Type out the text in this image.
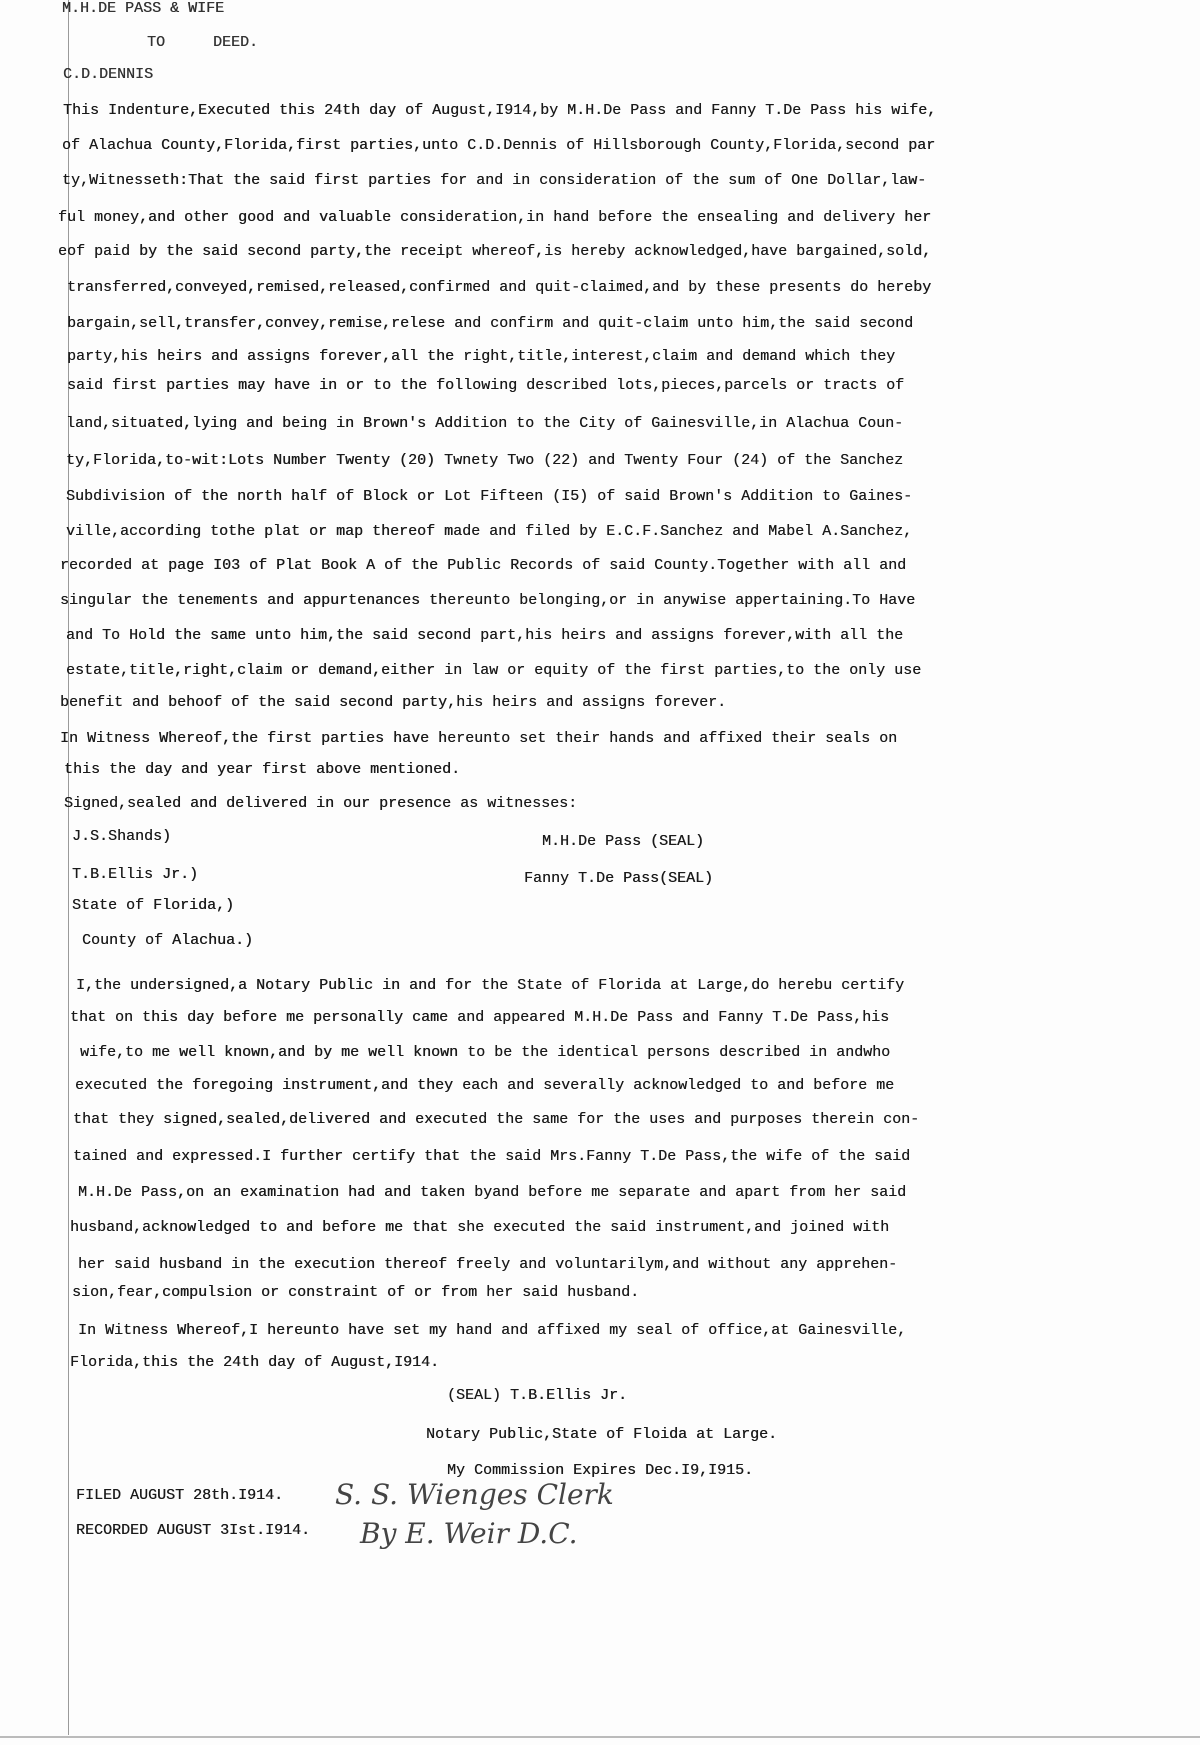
M.H.DE PASS & WIFE
TO	DEED.
C.D.DENNIS
This Indenture,Executed this 24th day of August,I914,by M.H.De Pass and Fanny T.De Pass his wife,
of Alachua County,Florida,first parties,unto C.D.Dennis of Hillsborough County,Florida,second par
ty,Witnesseth:That the said first parties for and in consideration of the sum of One Dollar,law-
ful money,and other good and valuable consideration,in hand before the ensealing and delivery her
eof paid by the said second party,the receipt whereof,is hereby acknowledged,have bargained,sold,
transferred,conveyed,remised,released,confirmed and quit-claimed,and by these presents do hereby
bargain,sell,transfer,convey,remise,relese and confirm and quit-claim unto him,the said second
party,his heirs and assigns forever,all the right,title,interest,claim and demand which they
said first parties may have in or to the following described lots,pieces,parcels or tracts of
land,situated,lying and being in Brown's Addition to the City of Gainesville,in Alachua Coun-
ty,Florida,to-wit:Lots Number Twenty (20) Twnety Two (22) and Twenty Four (24) of the Sanchez
Subdivision of the north half of Block or Lot Fifteen (I5) of said Brown's Addition to Gaines-
ville,according tothe plat or map thereof made and filed by E.C.F.Sanchez and Mabel A.Sanchez,
recorded at page I03 of Plat Book A of the Public Records of said County.Together with all and
singular the tenements and appurtenances thereunto belonging,or in anywise appertaining.To Have
and To Hold the same unto him,the said second part,his heirs and assigns forever,with all the
estate,title,right,claim or demand,either in law or equity of the first parties,to the only use
benefit and behoof of the said second party,his heirs and assigns forever.
In Witness Whereof,the first parties have hereunto set their hands and affixed their seals on
this the day and year first above mentioned.
Signed,sealed and delivered in our presence as witnesses:
J.S.Shands)
T.B.Ellis Jr.)
M.H.De Pass (SEAL)
Fanny T.De Pass(SEAL)
State of Florida,)
County of Alachua.)
I,the undersigned,a Notary Public in and for the State of Florida at Large,do herebu certify
that on this day before me personally came and appeared M.H.De Pass and Fanny T.De Pass,his
wife,to me well known,and by me well known to be the identical persons described in andwho
executed the foregoing instrument,and they each and severally acknowledged to and before me
that they signed,sealed,delivered and executed the same for the uses and purposes therein con-
tained and expressed.I further certify that the said Mrs.Fanny T.De Pass,the wife of the said
M.H.De Pass,on an examination had and taken byand before me separate and apart from her said
husband,acknowledged to and before me that she executed the said instrument,and joined with
her said husband in the execution thereof freely and voluntarilym,and without any apprehen-
sion,fear,compulsion or constraint of or from her said husband.
In Witness Whereof,I hereunto have set my hand and affixed my seal of office,at Gainesville,
Florida,this the 24th day of August,I914.
(SEAL) T.B.Ellis Jr.
Notary Public,State of Floida at Large.
My Commission Expires Dec.I9,I915.
FILED AUGUST 28th.I914.
RECORDED AUGUST 3Ist.I914.
S. S. Wienges Clerk
By E. Weir D.C.
